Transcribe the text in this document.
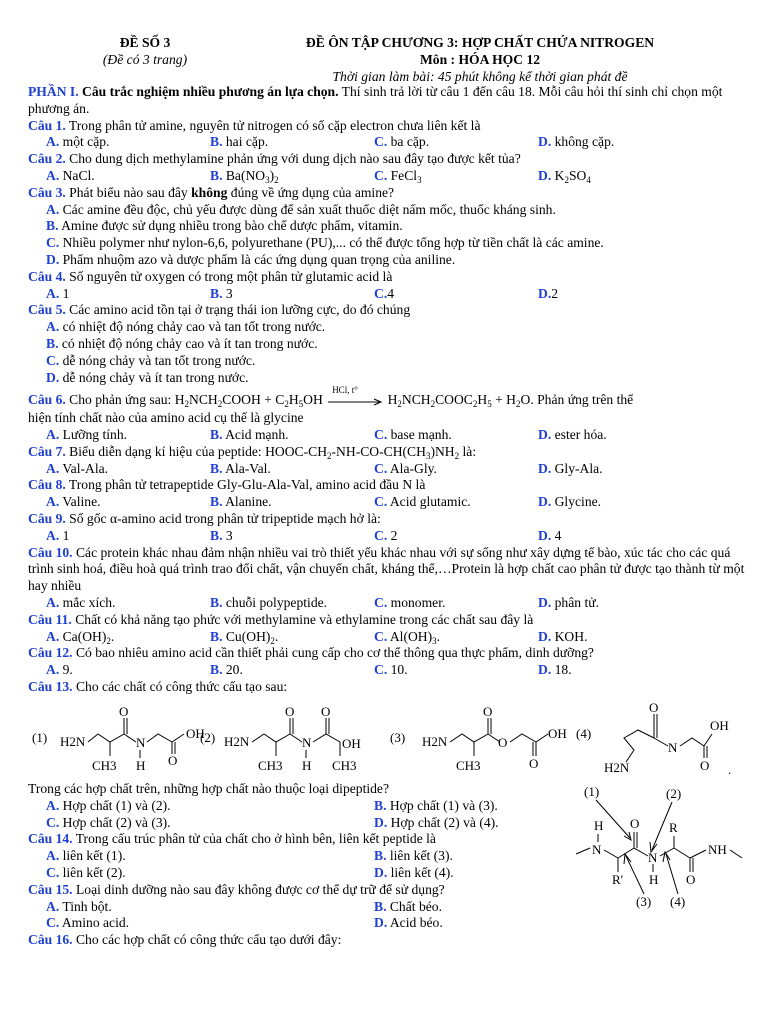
ĐỀ SỐ 3
(Đề có 3 trang)
ĐỀ ÔN TẬP CHƯƠNG 3: HỢP CHẤT CHỨA NITROGEN
Môn : HÓA HỌC 12
Thời gian làm bài: 45 phút không kể thời gian phát đề
PHẦN I. Câu trắc nghiệm nhiều phương án lựa chọn. Thí sinh trả lời từ câu 1 đến câu 18. Mỗi câu hỏi thí sinh chỉ chọn một phương án.
Câu 1. Trong phân tử amine, nguyên tử nitrogen có số cặp electron chưa liên kết là
A. một cặp.	B. hai cặp.	C. ba cặp.	D. không cặp.
Câu 2. Cho dung dịch methylamine phản ứng với dung dịch nào sau đây tạo được kết tủa?
A. NaCl.	B. $Ba(NO_3)_2$	C. FeCl$_3$	D. $K_2SO_4$
Câu 3. Phát biểu nào sau đây không đúng về ứng dụng của amine?
A. Các amine đều độc, chủ yếu được dùng để sản xuất thuốc diệt nấm mốc, thuốc kháng sinh.
B. Amine được sử dụng nhiều trong bào chế dược phẩm, vitamin.
C. Nhiều polymer như nylon-6,6, polyurethane (PU),... có thể được tổng hợp từ tiền chất là các amine.
D. Phẩm nhuộm azo và dược phẩm là các ứng dụng quan trọng của aniline.
Câu 4. Số nguyên tử oxygen có trong một phân tử glutamic acid là
A. 1	B. 3	C.4	D.2
Câu 5. Các amino acid tồn tại ở trạng thái ion lưỡng cực, do đó chúng
A. có nhiệt độ nóng chảy cao và tan tốt trong nước.
B. có nhiệt độ nóng chảy cao và ít tan trong nước.
C. dễ nóng chảy và tan tốt trong nước.
D. dễ nóng chảy và ít tan trong nước.
Câu 6. Cho phản ứng sau: $H_2NCH_2COOH + C_2H_5OH$
HCl, t°
$H_2NCH_2COOC_2H_5 + H_2O$. Phản ứng trên thể
hiện tính chất nào của amino acid cụ thể là glycine
A. Lưỡng tính.	B. Acid mạnh.	C. base mạnh.	D. ester hóa.
Câu 7. Biểu diễn dạng kí hiệu của peptide: HOOC-$CH_2-NH-CO-CH(CH_3)NH_2$ là:
A. Val-Ala.	B. Ala-Val.	C. Ala-Gly.	D. Gly-Ala.
Câu 8. Trong phân tử tetrapeptide Gly-Glu-Ala-Val, amino acid đầu N là
A. Valine.	B. Alanine.	C. Acid glutamic.	D. Glycine.
Câu 9. Số gốc α-amino acid trong phân tử tripeptide mạch hở là:
A. 1	B. 3	C. 2	D. 4
Câu 10. Các protein khác nhau đảm nhận nhiều vai trò thiết yếu khác nhau với sự sống như xây dựng tế bào, xúc tác cho các quá trình sinh hoá, điều hoà quá trình trao đổi chất, vận chuyển chất, kháng thể,…Protein là hợp chất cao phân tử được tạo thành từ một hay nhiều
A. mắc xích.	B. chuỗi polypeptide.	C. monomer.	D. phân tử.
Câu 11. Chất có khả năng tạo phức với methylamine và ethylamine trong các chất sau đây là
A. $Ca(OH)_2$.	B. $Cu(OH)_2$.	C. $Al(OH)_3$.	D. KOH.
Câu 12. Có bao nhiêu amino acid cần thiết phải cung cấp cho cơ thể thông qua thực phẩm, dinh dưỡng?
A. 9.	B. 20.	C. 10.	D. 18.
Câu 13. Cho các chất có công thức cấu tạo sau:
(1) H2N
O
N
O
OH
CH3 H
(2) H2N
O
N
O
OH
CH3 H CH3
(3) H2N
O
O
O
OH
CH3
(4)
H2N
O
N
O
OH
.
Trong các hợp chất trên, những hợp chất nào thuộc loại dipeptide?
A. Hợp chất (1) và (2).	B. Hợp chất (1) và (3).
C. Hợp chất (2) và (3).	D. Hợp chất (2) và (4).
Câu 14. Trong cấu trúc phân tử của chất cho ở hình bên, liên kết peptide là
A. liên kết (1).	B. liên kết (3).
C. liên kết (2).	D. liên kết (4).
Câu 15. Loại dinh dưỡng nào sau đây không được cơ thể dự trữ để sử dụng?
A. Tinh bột.	B. Chất béo.
C. Amino acid.	D. Acid béo.
Câu 16. Cho các hợp chất có công thức cấu tạo dưới đây:
(1)	(2)
H
N
R'
O
N
H
R
O
NH
(3) (4)
